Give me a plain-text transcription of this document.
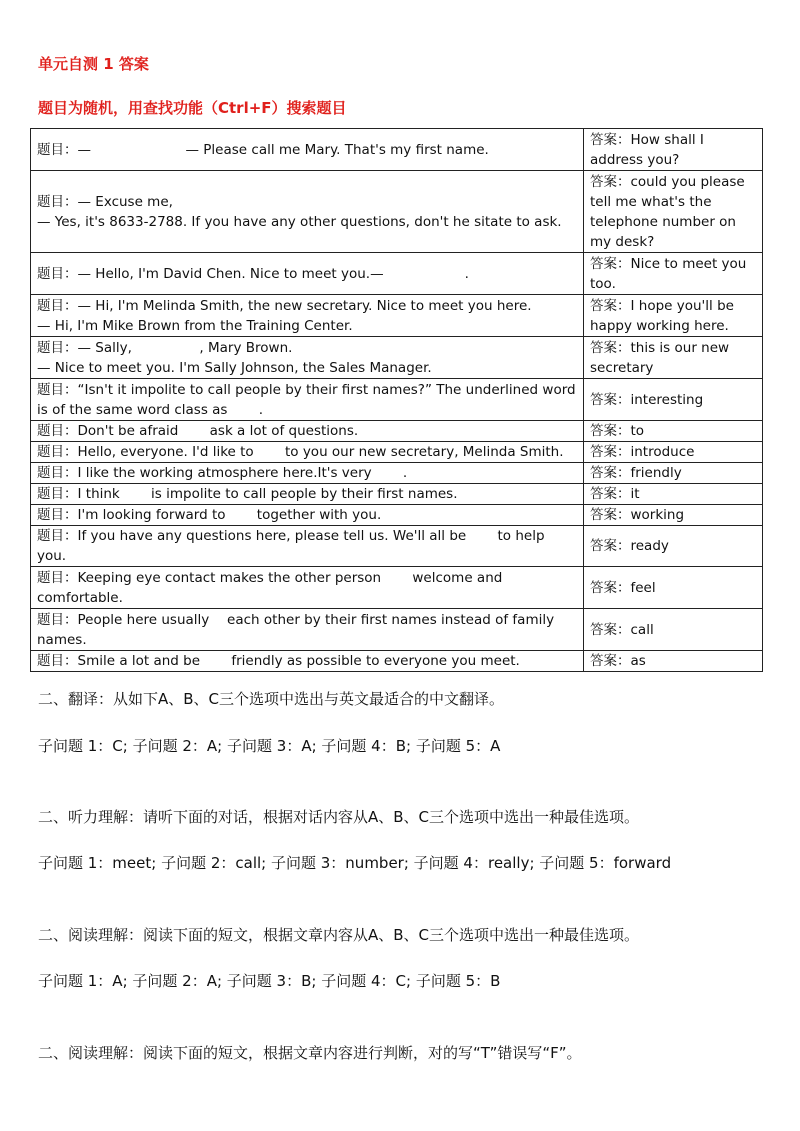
单元自测 1 答案
题目为随机，用查找功能（Ctrl+F）搜索题目
题目：—　　　　　　　— Please call me Mary. That's my first name.	答案：How shall I address you?
题目：— Excuse me,
— Yes, it's 8633-2788. If you have any other questions, don't he sitate to ask.	答案：could you please tell me what's the telephone number on my desk?
题目：— Hello, I'm David Chen. Nice to meet you.—　　　　　　.	答案：Nice to meet you too.
题目：— Hi, I'm Melinda Smith, the new secretary. Nice to meet you here.
— Hi, I'm Mike Brown from the Training Center.	答案：I hope you'll be happy working here.
题目：— Sally,　　　　　, Mary Brown.
— Nice to meet you. I'm Sally Johnson, the Sales Manager.	答案：this is our new secretary
题目：“Isn't it impolite to call people by their first names?” The underlined word is of the same word class as　　 .	答案：interesting
题目：Don't be afraid　　 ask a lot of questions.	答案：to
题目：Hello, everyone. I'd like to　　 to you our new secretary, Melinda Smith.	答案：introduce
题目：I like the working atmosphere here.It's very　　 .	答案：friendly
题目：I think　　 is impolite to call people by their first names.	答案：it
题目：I'm looking forward to　　 together with you.	答案：working
题目：If you have any questions here, please tell us. We'll all be　　 to help you.	答案：ready
题目：Keeping eye contact makes the other person　　 welcome and comfortable.	答案：feel
题目：People here usually　 each other by their first names instead of family names.	答案：call
题目：Smile a lot and be　　 friendly as possible to everyone you meet.	答案：as
二、翻译：从如下A、B、C三个选项中选出与英文最适合的中文翻译。
子问题 1：C; 子问题 2：A; 子问题 3：A; 子问题 4：B; 子问题 5：A
二、听力理解：请听下面的对话，根据对话内容从A、B、C三个选项中选出一种最佳选项。
子问题 1：meet; 子问题 2：call; 子问题 3：number; 子问题 4：really; 子问题 5：forward
二、阅读理解：阅读下面的短文，根据文章内容从A、B、C三个选项中选出一种最佳选项。
子问题 1：A; 子问题 2：A; 子问题 3：B; 子问题 4：C; 子问题 5：B
二、阅读理解：阅读下面的短文，根据文章内容进行判断，对的写“T”错误写“F”。
